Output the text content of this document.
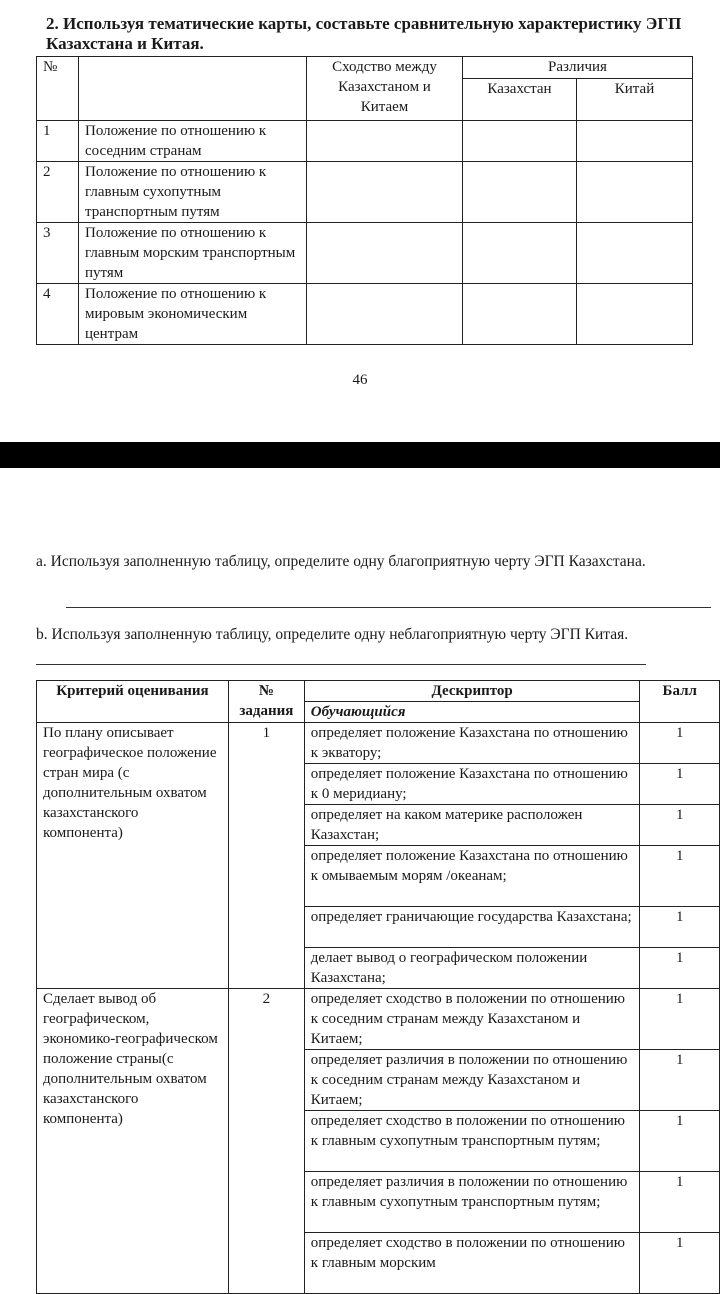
2. Используя тематические карты, составьте сравнительную характеристику ЭГП Казахстана и Китая.
№		Сходство между Казахстаном и Китаем	Различия	
			Казахстан	Китай
1	Положение по отношению к соседним странам			
2	Положение по отношению к главным сухопутным транспортным путям			
3	Положение по отношению к главным морским транспортным путям			
4	Положение по отношению к мировым экономическим центрам			
46
а. Используя заполненную таблицу, определите одну благоприятную черту ЭГП Казахстана.
b. Используя заполненную таблицу, определите одну неблагоприятную черту ЭГП Китая.
Критерий оценивания	№ задания	Дескриптор	Балл
		Обучающийся	
По плану описывает географическое положение стран мира (с дополнительным охватом казахстанского компонента)	1	определяет положение Казахстана по отношению к экватору;	1
		определяет положение Казахстана по отношению к 0 меридиану;	1
		определяет на каком материке расположен Казахстан;	1
		определяет положение Казахстана по отношению к омываемым морям /океанам;	1
		определяет граничающие государства Казахстана;	1
		делает вывод о географическом положении Казахстана;	1
Сделает вывод об географическом, экономико-географическом положение страны(с дополнительным охватом казахстанского компонента)	2	определяет сходство в положении по отношению к соседним странам между Казахстаном и Китаем;	1
		определяет различия в положении по отношению к соседним странам между Казахстаном и Китаем;	1
		определяет сходство в положении по отношению к главным сухопутным транспортным путям;	1
		определяет различия в положении по отношению к главным сухопутным транспортным путям;	1
		определяет сходство в положении по отношению к главным морским	1
